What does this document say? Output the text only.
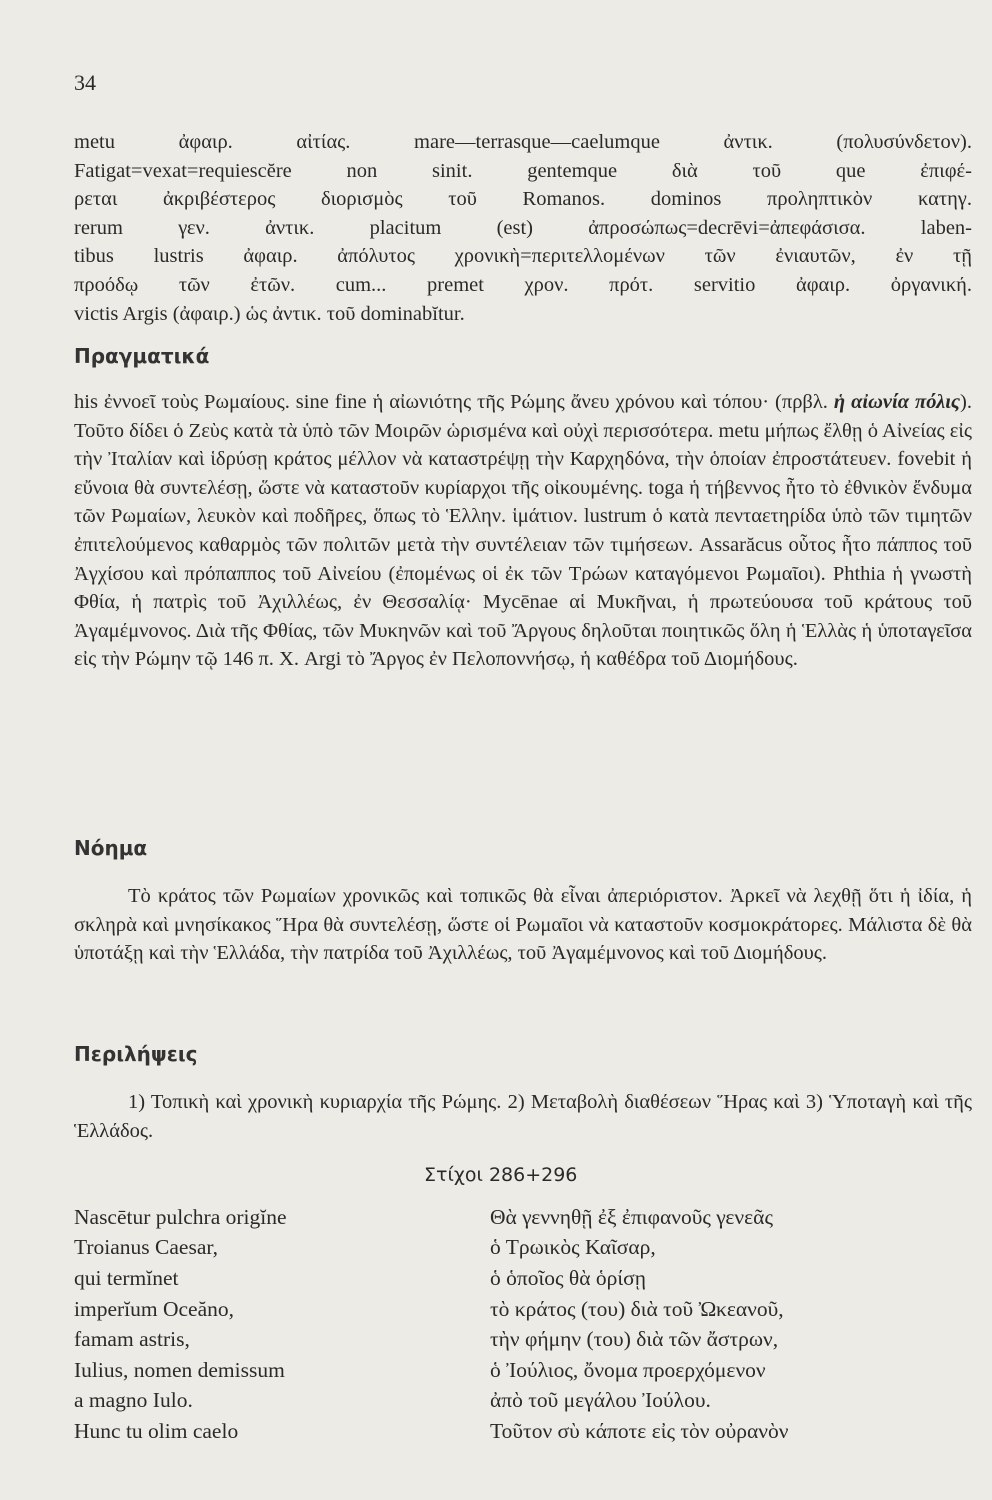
34

metu ἀφαιρ. αἰτίας. mare—terrasque—caelumque ἀντικ. (πολυσύνδετον).

Fatigat=vexat=requiescĕre non sinit. gentemque διὰ τοῦ que ἐπιφέ-

ρεται ἀκριβέστερος διορισμὸς τοῦ Romanos. dominos προληπτικὸν κατηγ.

rerum γεν. ἀντικ. placitum (est) ἀπροσώπως=decrēvi=ἀπεφάσισα. laben-

tibus lustris ἀφαιρ. ἀπόλυτος χρονικὴ=περιτελλομένων τῶν ἐνιαυτῶν, ἐν τῇ

προόδῳ τῶν ἐτῶν. cum... premet χρον. πρότ. servitio ἀφαιρ. ὀργανική.

victis Argis (ἀφαιρ.) ὡς ἀντικ. τοῦ dominabĭtur.

Πραγματικά

his ἐννοεῖ τοὺς Ρωμαίους. sine fine ἡ αἰωνιότης τῆς Ρώμης ἄνευ χρόνου καὶ τόπου· (πρβλ. ἡ αἰωνία πόλις). Τοῦτο δίδει ὁ Ζεὺς κατὰ τὰ ὑπὸ τῶν Μοιρῶν ὡρισμένα καὶ οὐχὶ περισσότερα. metu μήπως ἔλθῃ ὁ Αἰνείας εἰς τὴν Ἰταλίαν καὶ ἱδρύσῃ κράτος μέλλον νὰ καταστρέψῃ τὴν Καρχηδόνα, τὴν ὁποίαν ἐπροστάτευεν. fovebit ἡ εὔνοια θὰ συντελέσῃ, ὥστε νὰ καταστοῦν κυρίαρχοι τῆς οἰκουμένης. toga ἡ τήβεννος ἦτο τὸ ἐθνικὸν ἔνδυμα τῶν Ρωμαίων, λευκὸν καὶ ποδῆρες, ὅπως τὸ Ἑλλην. ἱμάτιον. lustrum ὁ κατὰ πενταετηρίδα ὑπὸ τῶν τιμητῶν ἐπιτελούμενος καθαρμὸς τῶν πολιτῶν μετὰ τὴν συντέλειαν τῶν τιμήσεων. Assarăcus οὗτος ἦτο πάππος τοῦ Ἀγχίσου καὶ πρόπαππος τοῦ Αἰνείου (ἐπομένως οἱ ἐκ τῶν Τρώων καταγόμενοι Ρωμαῖοι). Phthia ἡ γνωστὴ Φθία, ἡ πατρὶς τοῦ Ἀχιλλέως, ἐν Θεσσαλίᾳ· Mycēnae αἱ Μυκῆναι, ἡ πρωτεύουσα τοῦ κράτους τοῦ Ἀγαμέμνονος. Διὰ τῆς Φθίας, τῶν Μυκηνῶν καὶ τοῦ Ἄργους δηλοῦται ποιητικῶς ὅλη ἡ Ἑλλὰς ἡ ὑποταγεῖσα εἰς τὴν Ρώμην τῷ 146 π. Χ. Argi τὸ Ἄργος ἐν Πελοποννήσῳ, ἡ καθέδρα τοῦ Διομήδους.

Νόημα

Τὸ κράτος τῶν Ρωμαίων χρονικῶς καὶ τοπικῶς θὰ εἶναι ἀπεριόριστον. Ἀρκεῖ νὰ λεχθῇ ὅτι ἡ ἰδία, ἡ σκληρὰ καὶ μνησίκακος Ἥρα θὰ συντελέσῃ, ὥστε οἱ Ρωμαῖοι νὰ καταστοῦν κοσμοκράτορες. Μάλιστα δὲ θὰ ὑποτάξῃ καὶ τὴν Ἑλλάδα, τὴν πατρίδα τοῦ Ἀχιλλέως, τοῦ Ἀγαμέμνονος καὶ τοῦ Διομήδους.

Περιλήψεις

1) Τοπικὴ καὶ χρονικὴ κυριαρχία τῆς Ρώμης. 2) Μεταβολὴ διαθέσεων Ἥρας καὶ 3) Ὑποταγὴ καὶ τῆς Ἑλλάδος.

Στίχοι 286+296
Nascētur pulchra origĭne	Θὰ γεννηθῇ ἐξ ἐπιφανοῦς γενεᾶς
Troianus Caesar,	ὁ Τρωικὸς Καῖσαρ,
qui termĭnet	ὁ ὁποῖος θὰ ὁρίσῃ
imperĭum Oceăno,	τὸ κράτος (του) διὰ τοῦ Ὠκεανοῦ,
famam astris,	τὴν φήμην (του) διὰ τῶν ἄστρων,
Iulius, nomen demissum	ὁ Ἰούλιος, ὄνομα προερχόμενον
a magno Iulo.	ἀπὸ τοῦ μεγάλου Ἰούλου.
Hunc tu olim caelo	Τοῦτον σὺ κάποτε εἰς τὸν οὐρανὸν
